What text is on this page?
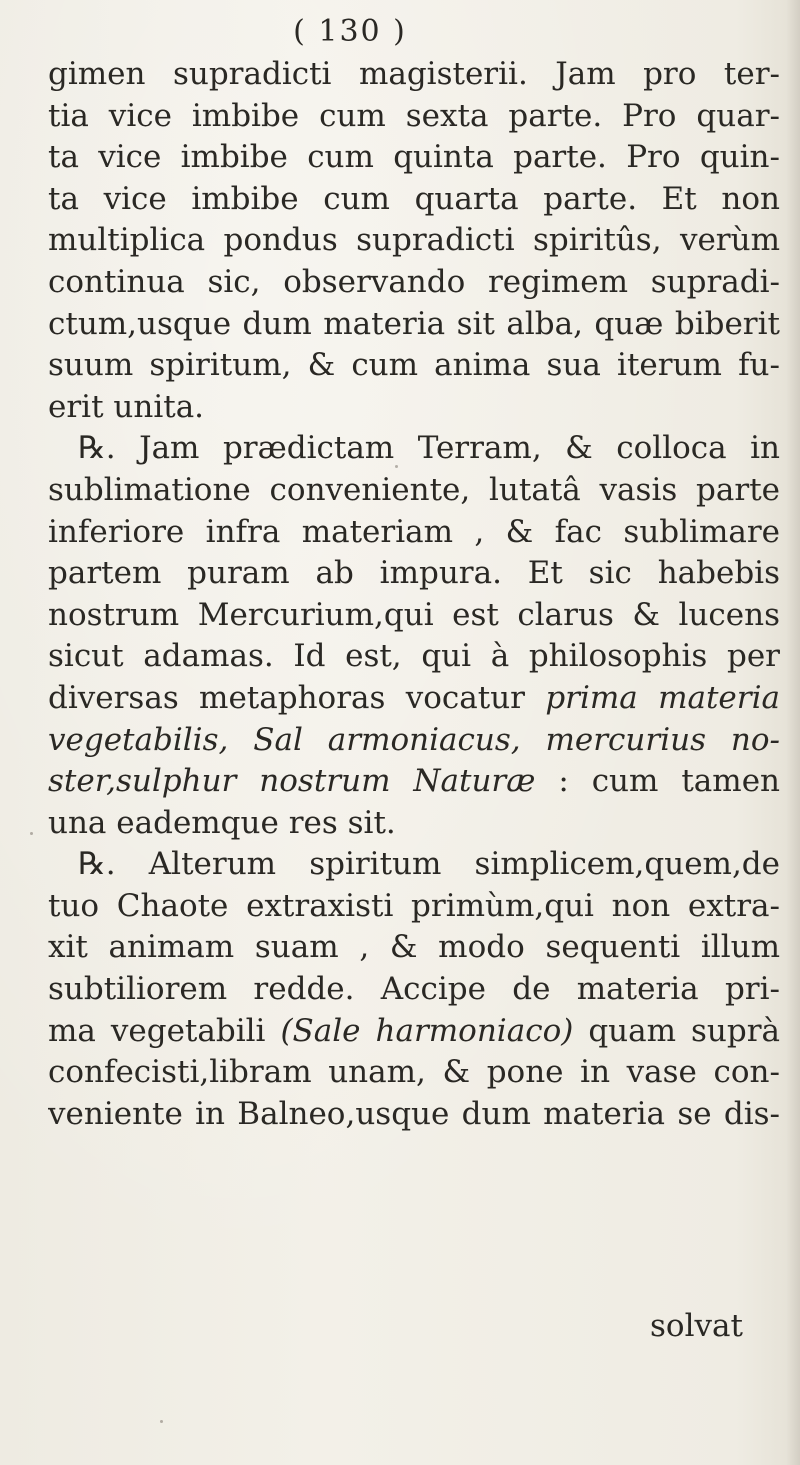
( 130 )
gimen supradicti magisterii. Jam pro ter-
tia vice imbibe cum sexta parte. Pro quar-
ta vice imbibe cum quinta parte. Pro quin-
ta vice imbibe cum quarta parte. Et non
multiplica pondus supradicti spiritûs, verùm
continua sic, observando regimem supradi-
ctum,usque dum materia sit alba, quæ biberit
suum spiritum, & cum anima sua iterum fu-
erit unita.
℞. Jam prædictam Terram, & colloca in
sublimatione conveniente, lutatâ vasis parte
inferiore infra materiam , & fac sublimare
partem puram ab impura. Et sic habebis
nostrum Mercurium,qui est clarus & lucens
sicut adamas. Id est, qui à philosophis per
diversas metaphoras vocatur prima materia
vegetabilis, Sal armoniacus, mercurius no-
ster,sulphur nostrum Naturæ : cum tamen
una eademque res sit.
℞. Alterum spiritum simplicem,quem,de
tuo Chaote extraxisti primùm,qui non extra-
xit animam suam , & modo sequenti illum
subtiliorem redde. Accipe de materia pri-
ma vegetabili (Sale harmoniaco) quam suprà
confecisti,libram unam, & pone in vase con-
veniente in Balneo,usque dum materia se dis-
solvat
